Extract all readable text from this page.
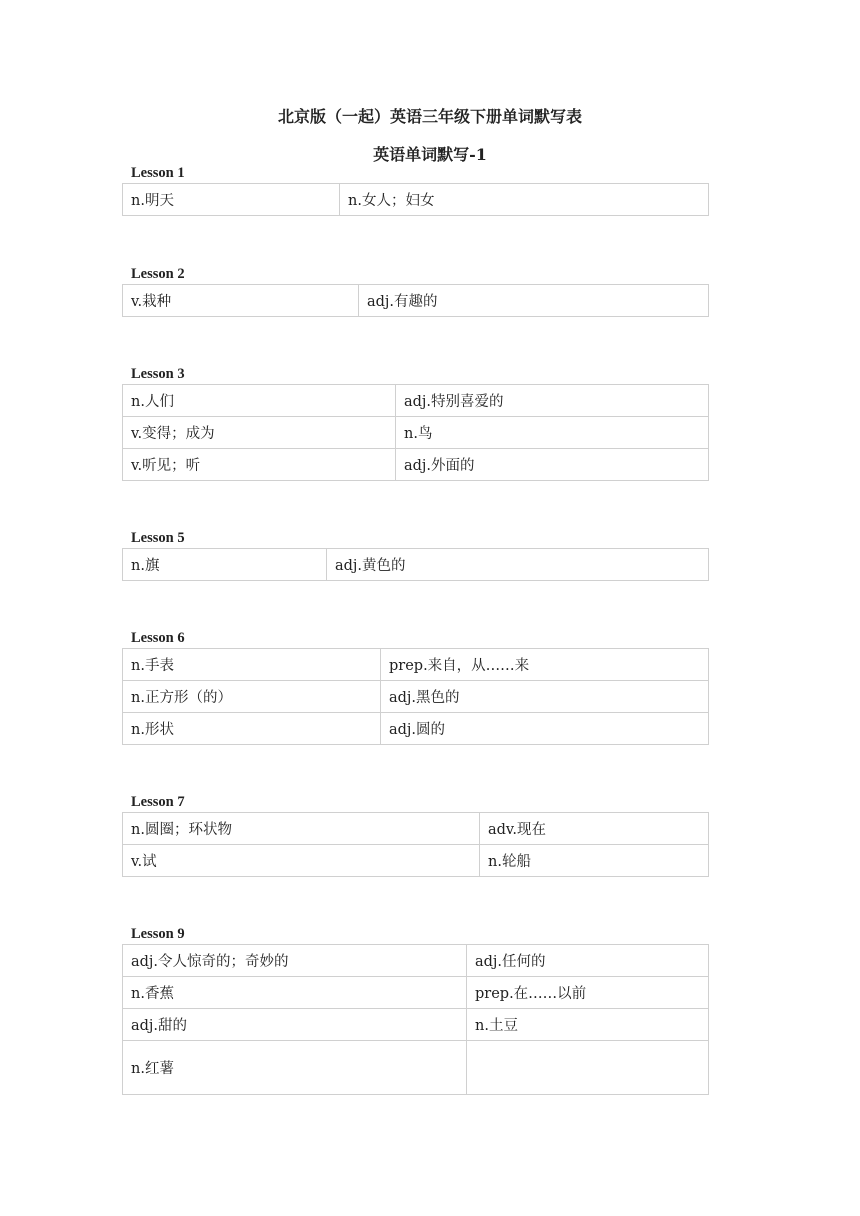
北京版（一起）英语三年级下册单词默写表
英语单词默写-1
Lesson 1
n.明天	n.女人；妇女
Lesson 2
v.栽种	adj.有趣的
Lesson 3
n.人们	adj.特别喜爱的
v.变得；成为	n.鸟
v.听见；听	adj.外面的
Lesson 5
n.旗	adj.黄色的
Lesson 6
n.手表	prep.来自，从……来
n.正方形（的）	adj.黑色的
n.形状	adj.圆的
Lesson 7
n.圆圈；环状物	adv.现在
v.试	n.轮船
Lesson 9
adj.令人惊奇的；奇妙的	adj.任何的
n.香蕉	prep.在……以前
adj.甜的	n.土豆
n.红薯	
